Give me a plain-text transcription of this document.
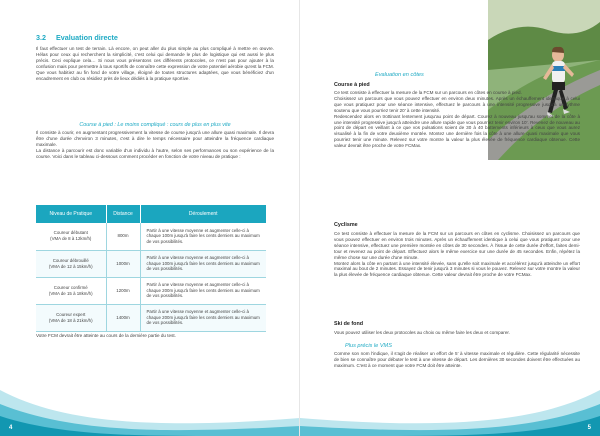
3.2 Evaluation directe
Il faut effectuer un test de terrain. Là encore, on peut aller du plus simple au plus compliqué à mettre en œuvre. Hélas pour ceux qui recherchent la simplicité, c'est celui qui demande le plus de logistique qui est aussi le plus précis. Ceci explique cela… Si nous vous présentons ces différents protocoles, ce n'est pas pour ajouter à la confusion mais pour permettre à tous sportifs de connaître cette expression de votre potentiel aérobie qu'est la FCM. Que vous habitiez au fin fond de votre village, éloigné de toutes structures adaptées, que vous bénéficiez d'un encadrement en club ou résidiez près de lieux dédiés à la pratique sportive.
Course à pied : Le moins compliqué : cours de plus en plus vite
Il consiste à courir, en augmentant progressivement la vitesse de course jusqu'à une allure quasi maximale. Il devra être d'une durée d'environ 3 minutes, c'est à dire le temps nécessaire pour atteindre la fréquence cardiaque maximale.
La distance à parcourir est donc variable d'un individu à l'autre, selon ses performances ou son expérience de la course. Voici dans le tableau ci-dessous comment procéder en fonction de votre niveau de pratique :
Niveau de Pratique	Distance	Déroulement
Coureur débutant
(VMA de 8 à 12km/h)	800m	Partir à une vitesse moyenne et augmenter celle-ci à chaque 100m jusqu'à faire les cents derniers au maximum de vos possibilités.
Coureur débrouillé
(VMA de 12 à 15km/h)	1000m	Partir à une vitesse moyenne et augmenter celle-ci à chaque 100m jusqu'à faire les cents derniers au maximum de vos possibilités.
Coureur confirmé
(VMA de 15 à 18km/h)	1200m	Partir à une vitesse moyenne et augmenter celle-ci à chaque 200m jusqu'à faire les cents derniers au maximum de vos possibilités.
Coureur expert
(VMA de 18 à 21km/h)	1400m	Partir à une vitesse moyenne et augmenter celle-ci à chaque 200m jusqu'à faire les cents derniers au maximum de vos possibilités.
Votre FCM devrait être atteinte au cours de la dernière partie du test.
4
Evaluation en côtes
Course à pied
Ce test consiste à effectuer la mesure de la FCM sur un parcours en côtes en course à pied.
Choisissez un parcours que vous pouvez effectuer en environ deux minutes. Après un échauffement identique à celui que vous pratiquez pour une séance intensive, effectuez le parcours à une intensité progressive jusqu'à un rythme soutenu que vous pourriez tenir 20' à cette intensité.
Redescendez alors en trottinant lentement jusqu'au point de départ. Courez à nouveau jusqu'au sommet de la côte à une intensité progressive jusqu'à atteindre une allure rapide que vous pourriez tenir environ 10'. Revenez de nouveau au point de départ en veillant à ce que vos pulsations soient de 30 à 40 battements inférieurs à ceux que vous aurez visualisé à la fin de votre deuxième montée. Montez une dernière fois la côte à une allure quasi maximale que vous pourriez tenir une minute. Relevez sur votre montre la valeur la plus élevée de fréquence cardiaque obtenue. Cette valeur devrait être proche de votre FCMax.
Cyclisme
Ce test consiste à effectuer la mesure de la FCM sur un parcours en côtes en cyclisme. Choisissez un parcours que vous pouvez effectuer en environ trois minutes. Après un échauffement identique à celui que vous pratiquez pour une séance intensive, effectuez une première montée en côtes de 30 secondes. À l'issue de cette durée d'effort, faites demi-tour et revenez au point de départ. Effectuez alors le même exercice sur une durée de 45 secondes. Enfin, répétez la même chose sur une durée d'une minute.
Montez alors la côte en partant à une intensité élevée, sans qu'elle soit maximale et accélérez jusqu'à atteindre un effort maximal au bout de 2 minutes. Essayez de tenir jusqu'à 3 minutes si vous le pouvez. Relevez sur votre montre la valeur la plus élevée de fréquence cardiaque obtenue. Cette valeur devrait être proche de votre FCMax.
Ski de fond
Vous pouvez utiliser les deux protocoles au choix ou même faire les deux et comparer.
Plus précis le VMS
Comme son nom l'indique, il s'agit de réaliser un effort de 5' à vitesse maximale et régulière. Cette régularité nécessite de bien se connaître pour débuter le test à une vitesse de départ. Les dernières 30 secondes doivent être effectuées au maximum. C'est à ce moment que votre FCM doit être atteinte.
5
